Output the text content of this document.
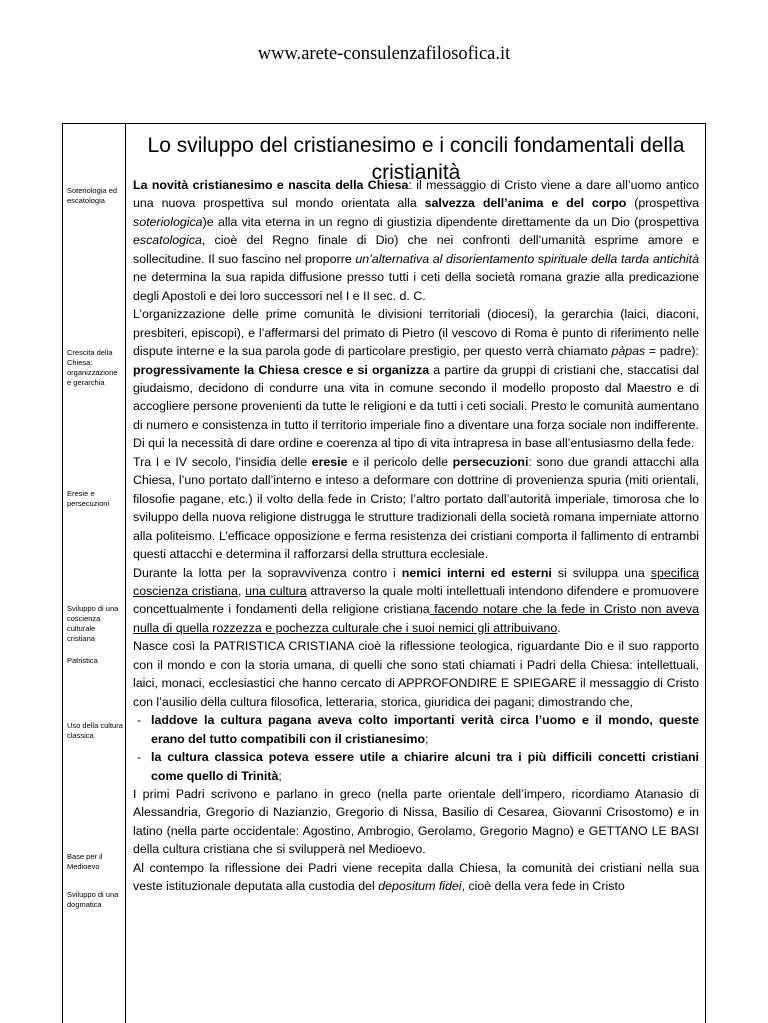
www.arete-consulenzafilosofica.it
Lo sviluppo del cristianesimo e i concili fondamentali della cristianità
Soteriologia ed escatologia
Crescita della Chiesa: organizzazione e gerarchia
Eresie e persecuzioni
Sviluppo di una coscienza culturale cristiana
Patristica
Uso della cultura classica
Base per il Medioevo
Sviluppo di una dogmatica

La novità cristianesimo e nascita della Chiesa: il messaggio di Cristo viene a dare all’uomo antico una nuova prospettiva sul mondo orientata alla salvezza dell’anima e del corpo (prospettiva soteriologica)e alla vita eterna in un regno di giustizia dipendente direttamente da un Dio (prospettiva escatologica, cioè del Regno finale di Dio) che nei confronti dell’umanità esprime amore e sollecitudine. Il suo fascino nel proporre un’alternativa al disorientamento spirituale della tarda antichità ne determina la sua rapida diffusione presso tutti i ceti della società romana grazie alla predicazione degli Apostoli e dei loro successori nel I e II sec. d. C.

L’organizzazione delle prime comunità le divisioni territoriali (diocesi), la gerarchia (laici, diaconi, presbiteri, episcopi), e l’affermarsi del primato di Pietro (il vescovo di Roma è punto di riferimento nelle dispute interne e la sua parola gode di particolare prestigio, per questo verrà chiamato pàpas = padre): progressivamente la Chiesa cresce e si organizza a partire da gruppi di cristiani che, staccatisi dal giudaismo, decidono di condurre una vita in comune secondo il modello proposto dal Maestro e di accogliere persone provenienti da tutte le religioni e da tutti i ceti sociali. Presto le comunità aumentano di numero e consistenza in tutto il territorio imperiale fino a diventare una forza sociale non indifferente. Di qui la necessità di dare ordine e coerenza al tipo di vita intrapresa in base all’entusiasmo della fede.

Tra I e IV secolo, l’insidia delle eresie e il pericolo delle persecuzioni: sono due grandi attacchi alla Chiesa, l’uno portato dall’interno e inteso a deformare con dottrine di provenienza spuria (miti orientali, filosofie pagane, etc.) il volto della fede in Cristo; l’altro portato dall’autorità imperiale, timorosa che lo sviluppo della nuova religione distrugga le strutture tradizionali della società romana imperniate attorno alla politeismo. L’efficace opposizione e ferma resistenza dei cristiani comporta il fallimento di entrambi questi attacchi e determina il rafforzarsi della struttura ecclesiale.

Durante la lotta per la sopravvivenza contro i nemici interni ed esterni si sviluppa una specifica coscienza cristiana, una cultura attraverso la quale molti intellettuali intendono difendere e promuovere concettualmente i fondamenti della religione cristiana facendo notare che la fede in Cristo non aveva nulla di quella rozzezza e pochezza culturale che i suoi nemici gli attribuivano.

Nasce così la PATRISTICA CRISTIANA cioè la riflessione teologica, riguardante Dio e il suo rapporto con il mondo e con la storia umana, di quelli che sono stati chiamati i Padri della Chiesa: intellettuali, laici, monaci, ecclesiastici che hanno cercato di APPROFONDIRE E SPIEGARE il messaggio di Cristo con l’ausilio della cultura filosofica, letteraria, storica, giuridica dei pagani; dimostrando che,

- laddove la cultura pagana aveva colto importanti verità circa l’uomo e il mondo, queste erano del tutto compatibili con il cristianesimo;
- la cultura classica poteva essere utile a chiarire alcuni tra i più difficili concetti cristiani come quello di Trinità;

I primi Padri scrivono e parlano in greco (nella parte orientale dell’impero, ricordiamo Atanasio di Alessandria, Gregorio di Nazianzio, Gregorio di Nissa, Basilio di Cesarea, Giovanni Crisostomo) e in latino (nella parte occidentale: Agostino, Ambrogio, Gerolamo, Gregorio Magno) e GETTANO LE BASI della cultura cristiana che si svilupperà nel Medioevo.

Al contempo la riflessione dei Padri viene recepita dalla Chiesa, la comunità dei cristiani nella sua veste istituzionale deputata alla custodia del depositum fidei, cioè della vera fede in Cristo
